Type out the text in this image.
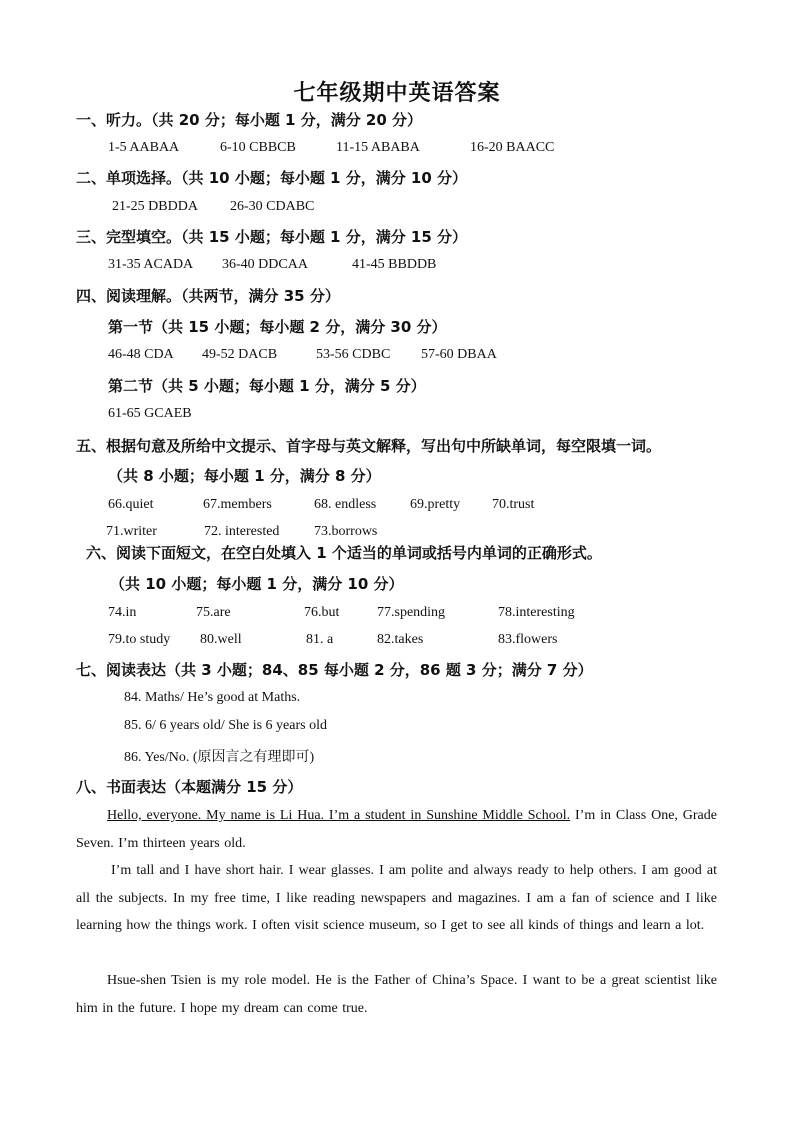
七年级期中英语答案
一、听力。（共 20 分；每小题 1 分，满分 20 分）
1-5 AABAA	6-10 CBBCB	11-15 ABABA	16-20 BAACC
二、单项选择。（共 10 小题；每小题 1 分，满分 10 分）
21-25 DBDDA 26-30 CDABC
三、完型填空。（共 15 小题；每小题 1 分，满分 15 分）
31-35 ACADA 36-40 DDCAA	41-45 BBDDB
四、阅读理解。（共两节，满分 35 分）
第一节（共 15 小题；每小题 2 分，满分 30 分）
46-48 CDA 49-52 DACB	53-56 CDBC 57-60 DBAA
第二节（共 5 小题；每小题 1 分，满分 5 分）
61-65 GCAEB
五、根据句意及所给中文提示、首字母与英文解释，写出句中所缺单词，每空限填一词。
（共 8 小题；每小题 1 分，满分 8 分）
66.quiet	67.members	68. endless 69.pretty 70.trust
71.writer	72. interested 73.borrows
六、阅读下面短文，在空白处填入 1 个适当的单词或括号内单词的正确形式。
（共 10 小题；每小题 1 分，满分 10 分）
74.in	75.are	76.but	77.spending	78.interesting
79.to study 80.well	81. a	82.takes	83.flowers
七、阅读表达（共 3 小题；84、85 每小题 2 分，86 题 3 分；满分 7 分）
84. Maths/ He’s good at Maths.
85. 6/ 6 years old/ She is 6 years old
86. Yes/No. (原因言之有理即可)
八、书面表达（本题满分 15 分）
Hello, everyone. My name is Li Hua. I’m a student in Sunshine Middle School. I’m in Class One, Grade Seven. I’m thirteen years old.
I’m tall and I have short hair. I wear glasses. I am polite and always ready to help others. I am good at all the subjects. In my free time, I like reading newspapers and magazines. I am a fan of science and I like learning how the things work. I often visit science museum, so I get to see all kinds of things and learn a lot.
Hsue-shen Tsien is my role model. He is the Father of China’s Space. I want to be a great scientist like him in the future. I hope my dream can come true.
